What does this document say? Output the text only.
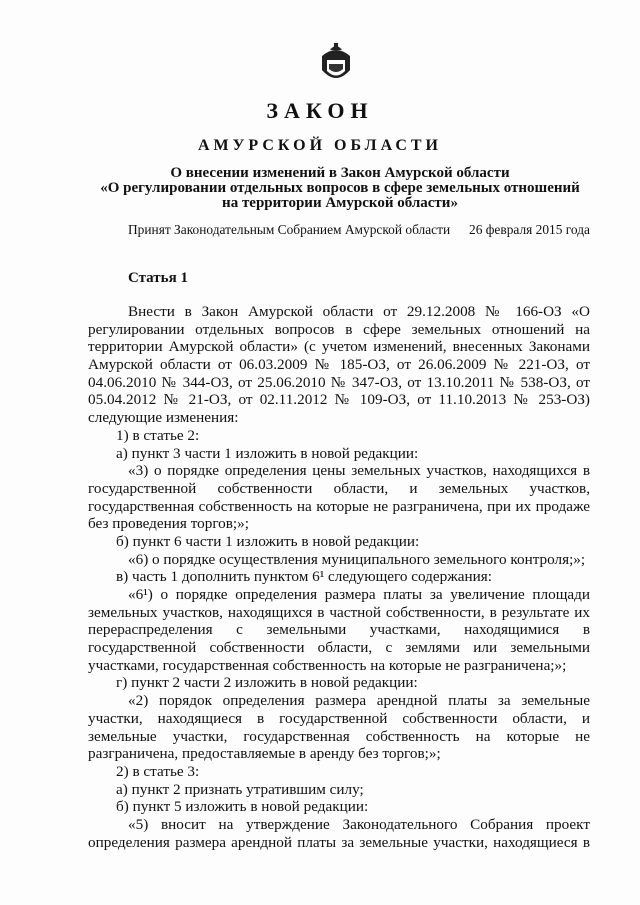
ЗАКОН
АМУРСКОЙ ОБЛАСТИ
О внесении изменений в Закон Амурской области
«О регулировании отдельных вопросов в сфере земельных отношений
на территории Амурской области»
Принят Законодательным Собранием Амурской области 26 февраля 2015 года
Статья 1
Внести в Закон Амурской области от 29.12.2008 № 166-ОЗ «О
регулировании отдельных вопросов в сфере земельных отношений на
территории Амурской области» (с учетом изменений, внесенных Законами
Амурской области от 06.03.2009 № 185-ОЗ, от 26.06.2009 № 221-ОЗ, от
04.06.2010 № 344-ОЗ, от 25.06.2010 № 347-ОЗ, от 13.10.2011 № 538-ОЗ, от
05.04.2012 № 21-ОЗ, от 02.11.2012 № 109-ОЗ, от 11.10.2013 № 253-ОЗ)
следующие изменения:
1) в статье 2:
а) пункт 3 части 1 изложить в новой редакции:
«3) о порядке определения цены земельных участков, находящихся в
государственной собственности области, и земельных участков,
государственная собственность на которые не разграничена, при их продаже
без проведения торгов;»;
б) пункт 6 части 1 изложить в новой редакции:
«6) о порядке осуществления муниципального земельного контроля;»;
в) часть 1 дополнить пунктом 6¹ следующего содержания:
«6¹) о порядке определения размера платы за увеличение площади
земельных участков, находящихся в частной собственности, в результате их
перераспределения с земельными участками, находящимися в
государственной собственности области, с землями или земельными
участками, государственная собственность на которые не разграничена;»;
г) пункт 2 части 2 изложить в новой редакции:
«2) порядок определения размера арендной платы за земельные
участки, находящиеся в государственной собственности области, и
земельные участки, государственная собственность на которые не
разграничена, предоставляемые в аренду без торгов;»;
2) в статье 3:
а) пункт 2 признать утратившим силу;
б) пункт 5 изложить в новой редакции:
«5) вносит на утверждение Законодательного Собрания проект
определения размера арендной платы за земельные участки, находящиеся в
